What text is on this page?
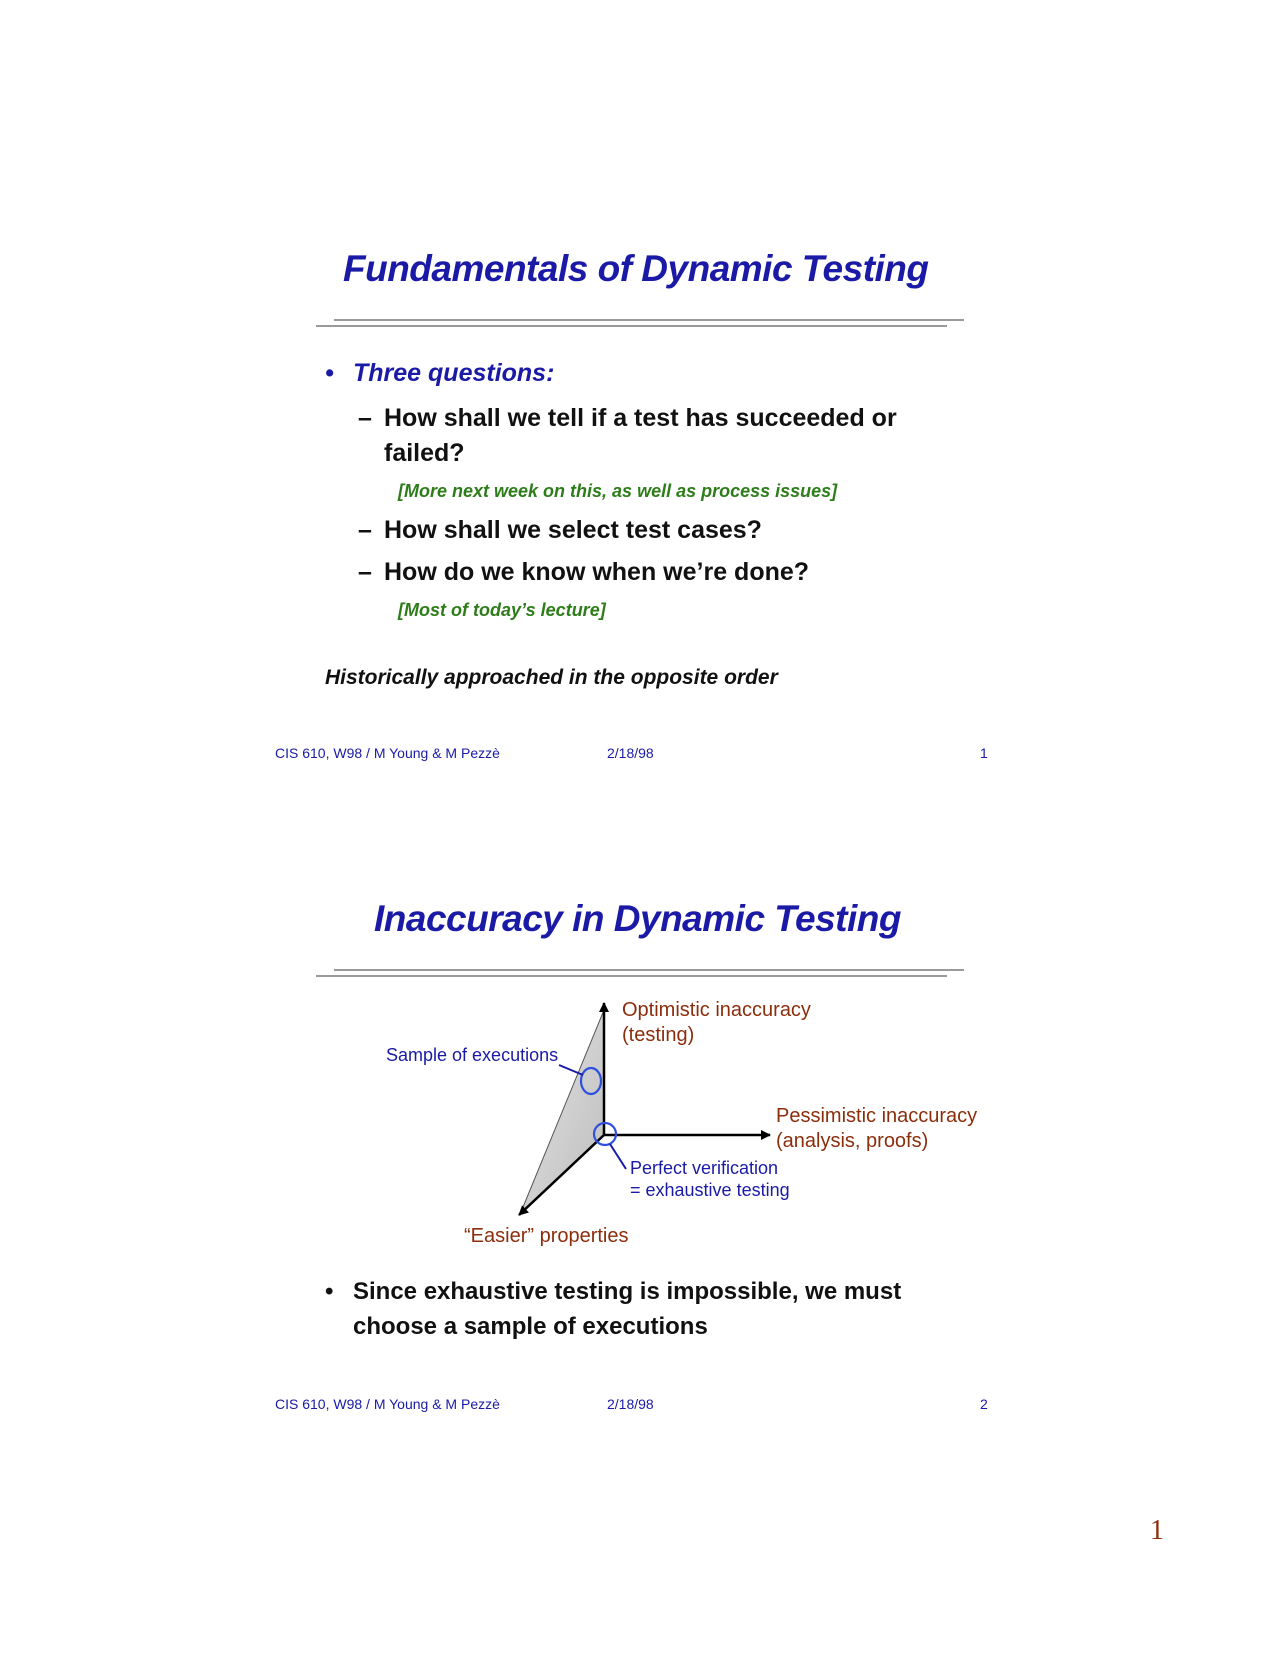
Fundamentals of Dynamic Testing
• Three questions:
– How shall we tell if a test has succeeded or
failed?
[More next week on this, as well as process issues]
– How shall we select test cases?
– How do we know when we’re done?
[Most of today’s lecture]
Historically approached in the opposite order
CIS 610, W98 / M Young & M Pezzè	2/18/98	1
Inaccuracy in Dynamic Testing
Optimistic inaccuracy
(testing)
Sample of executions
Pessimistic inaccuracy
(analysis, proofs)
Perfect verification
= exhaustive testing
“Easier” properties
• Since exhaustive testing is impossible, we must
choose a sample of executions
CIS 610, W98 / M Young & M Pezzè	2/18/98	2
1
